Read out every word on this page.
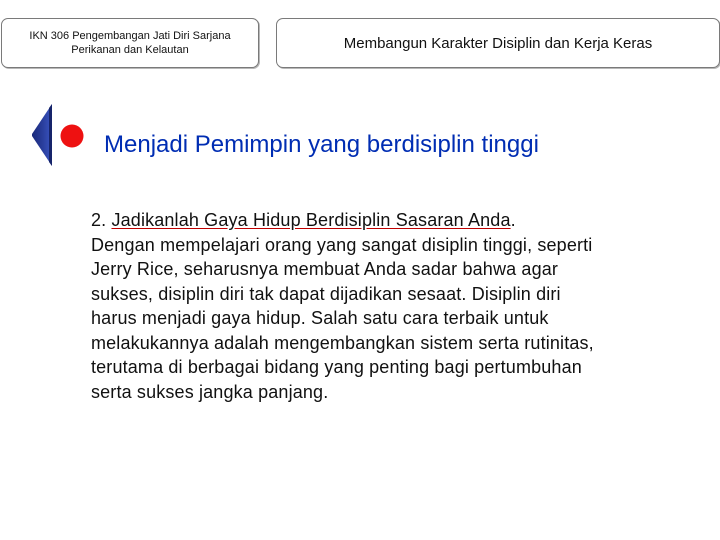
IKN 306 Pengembangan Jati Diri Sarjana
Perikanan dan Kelautan	Membangun Karakter Disiplin dan Kerja Keras
Menjadi Pemimpin yang berdisiplin tinggi
2. Jadikanlah Gaya Hidup Berdisiplin Sasaran Anda.
Dengan mempelajari orang yang sangat disiplin tinggi, seperti
Jerry Rice, seharusnya membuat Anda sadar bahwa agar
sukses, disiplin diri tak dapat dijadikan sesaat. Disiplin diri
harus menjadi gaya hidup. Salah satu cara terbaik untuk
melakukannya adalah mengembangkan sistem serta rutinitas,
terutama di berbagai bidang yang penting bagi pertumbuhan
serta sukses jangka panjang.
